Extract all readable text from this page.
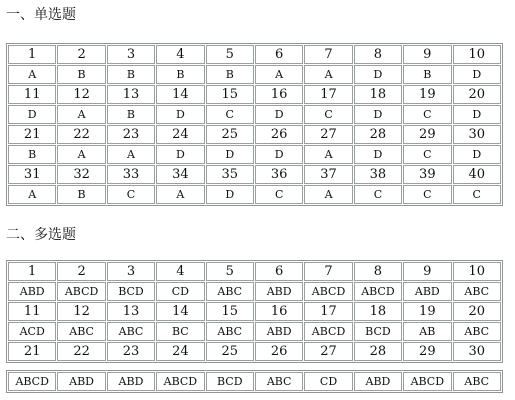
一、单选题
1	2	3	4	5	6	7	8	9	10
A	B	B	B	B	A	A	D	B	D
11	12	13	14	15	16	17	18	19	20
D	A	B	D	C	D	C	D	C	D
21	22	23	24	25	26	27	28	29	30
B	A	A	D	D	D	A	D	C	D
31	32	33	34	35	36	37	38	39	40
A	B	C	A	D	C	A	C	C	C
二、多选题
1	2	3	4	5	6	7	8	9	10
ABD	ABCD	BCD	CD	ABC	ABD	ABCD	ABCD	ABD	ABC
11	12	13	14	15	16	17	18	19	20
ACD	ABC	ABC	BC	ABC	ABD	ABCD	BCD	AB	ABC
21	22	23	24	25	26	27	28	29	30
ABCD	ABD	ABD	ABCD	BCD	ABC	CD	ABD	ABCD	ABC
